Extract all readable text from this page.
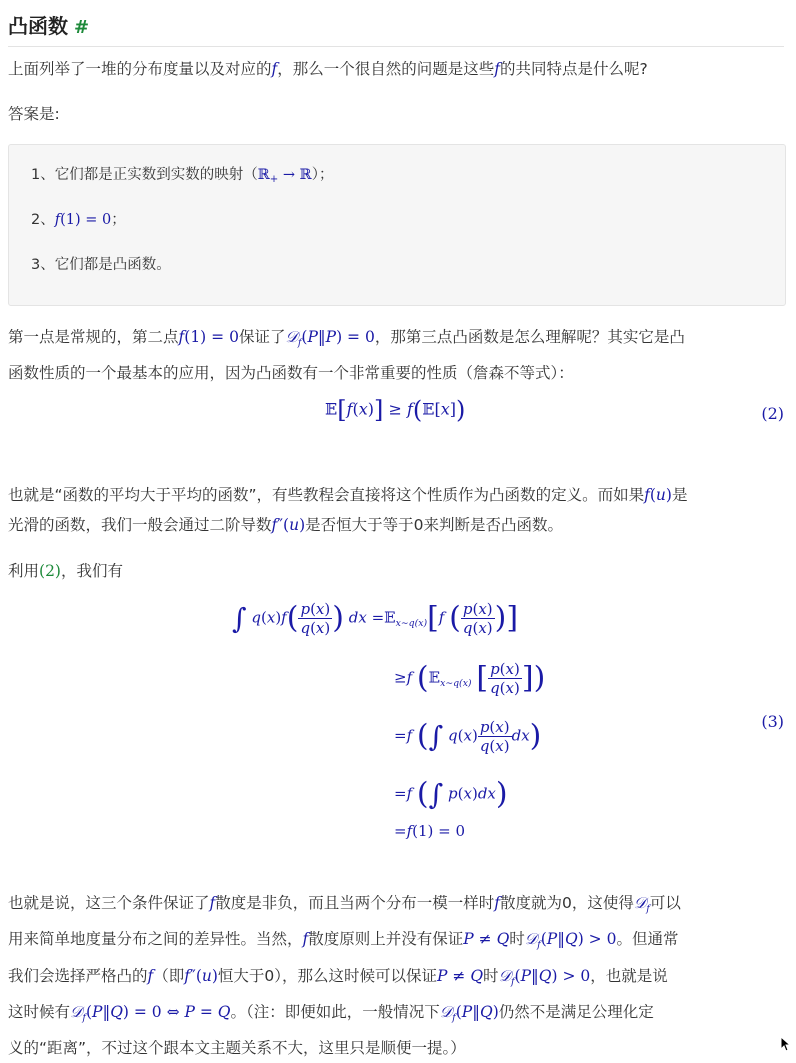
凸函数 #

上面列举了一堆的分布度量以及对应的f，那么一个很自然的问题是这些f的共同特点是什么呢?

答案是:

1、它们都是正实数到实数的映射（ℝ$_+$ → ℝ）；
2、f(1) = 0；
3、它们都是凸函数。

第一点是常规的，第二点f(1) = 0保证了𝒟$_f$(P‖P) = 0，那第三点凸函数是怎么理解呢？其实它是凸
函数性质的一个最基本的应用，因为凸函数有一个非常重要的性质（詹森不等式）：

𝔼[f(x)] ≥ f(𝔼[x])	(2)

也就是“函数的平均大于平均的函数”，有些教程会直接将这个性质作为凸函数的定义。而如果f(u)是
光滑的函数，我们一般会通过二阶导数f″(u)是否恒大于等于0来判断是否凸函数。

利用(2)，我们有

∫ $q(x)f( \frac{p(x)}{q(x)}$ ) dx =𝔼$_{x\sim q(x)}$[f ( $\frac{p(x)}{q(x)}$ )]
≥f (𝔼$_{x\sim q(x)}$ [ $\frac{p(x)}{q(x)}$ ])
=f (∫ $q(x) \frac{p(x)}{q(x)} dx$)
=f (∫ p(x)dx)
=f(1) = 0
(3)

也就是说，这三个条件保证了f散度是非负，而且当两个分布一模一样时f散度就为0，这使得𝒟$_f$可以
用来简单地度量分布之间的差异性。当然，f散度原则上并没有保证P ≠ Q时𝒟$_f$(P‖Q) > 0。但通常
我们会选择严格凸的f（即f″(u)恒大于0），那么这时候可以保证P ≠ Q时𝒟$_f$(P‖Q) > 0，也就是说
这时候有𝒟$_f$(P‖Q) = 0 ⇔ P = Q。（注：即便如此，一般情况下𝒟$_f$(P‖Q)仍然不是满足公理化定
义的“距离”，不过这个跟本文主题关系不大，这里只是顺便一提。）
